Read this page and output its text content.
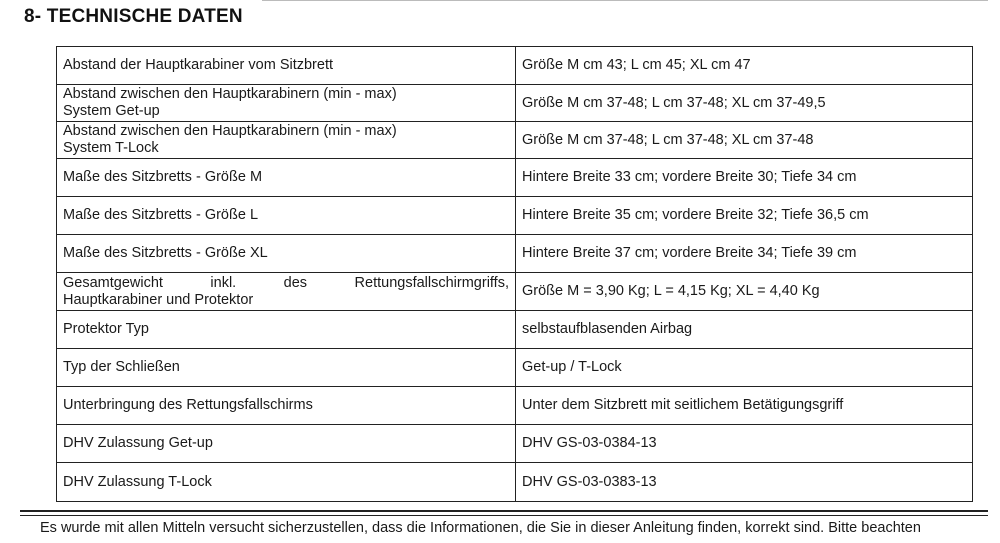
8- TECHNISCHE DATEN
Abstand der Hauptkarabiner vom Sitzbrett	Größe M cm 43; L cm 45; XL cm 47

Abstand zwischen den Hauptkarabinern (min - max)
System Get-up	Größe M cm 37-48; L cm 37-48; XL cm 37-49,5

Abstand zwischen den Hauptkarabinern (min - max)
System T-Lock	Größe M cm 37-48; L cm 37-48; XL cm 37-48

Maße des Sitzbretts - Größe M	Hintere Breite 33 cm; vordere Breite 30; Tiefe 34 cm

Maße des Sitzbretts - Größe L	Hintere Breite 35 cm; vordere Breite 32; Tiefe 36,5 cm

Maße des Sitzbretts - Größe XL	Hintere Breite 37 cm; vordere Breite 34; Tiefe 39 cm

Gesamtgewicht inkl. des Rettungsfallschirmgriffs,
Hauptkarabiner und Protektor	Größe M = 3,90 Kg; L = 4,15 Kg; XL = 4,40 Kg

Protektor Typ	selbstaufblasenden Airbag

Typ der Schließen	Get-up / T-Lock

Unterbringung des Rettungsfallschirms	Unter dem Sitzbrett mit seitlichem Betätigungsgriff

DHV Zulassung Get-up	DHV GS-03-0384-13

DHV Zulassung T-Lock	DHV GS-03-0383-13
Es wurde mit allen Mitteln versucht sicherzustellen, dass die Informationen, die Sie in dieser Anleitung finden, korrekt sind. Bitte beachten
